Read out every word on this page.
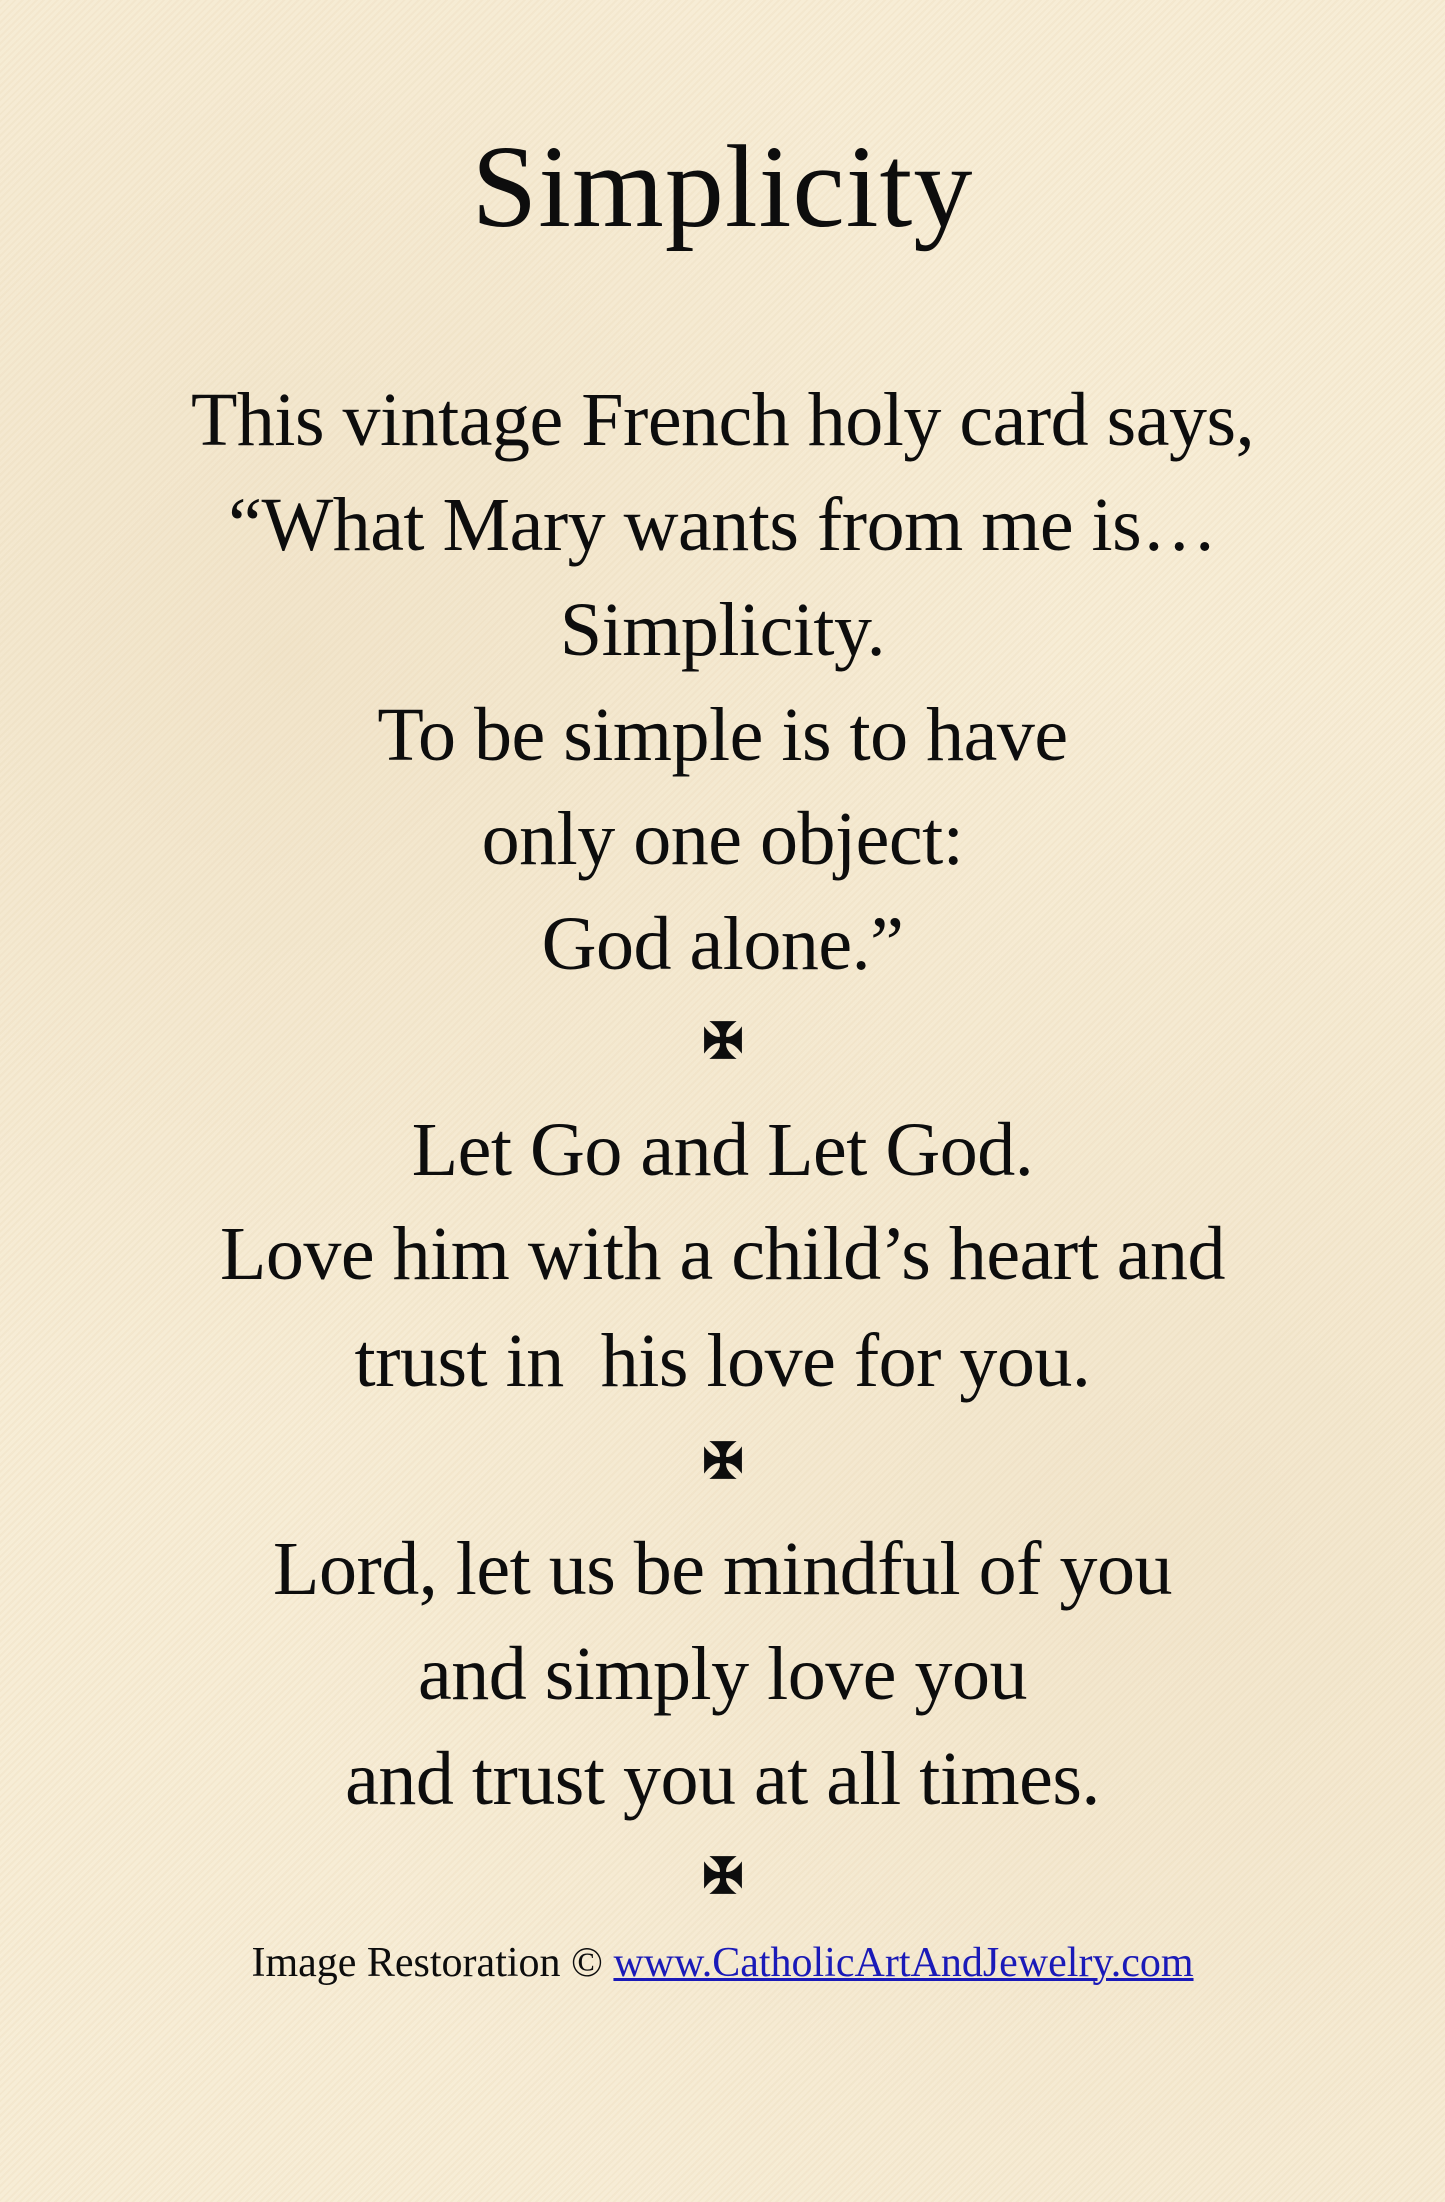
Simplicity
This vintage French holy card says,
“What Mary wants from me is…
Simplicity.
To be simple is to have
only one object:
God alone.”
Let Go and Let God.
Love him with a child’s heart and
trust in  his love for you.
Lord, let us be mindful of you
and simply love you
and trust you at all times.
Image Restoration © www.CatholicArtAndJewelry.com
